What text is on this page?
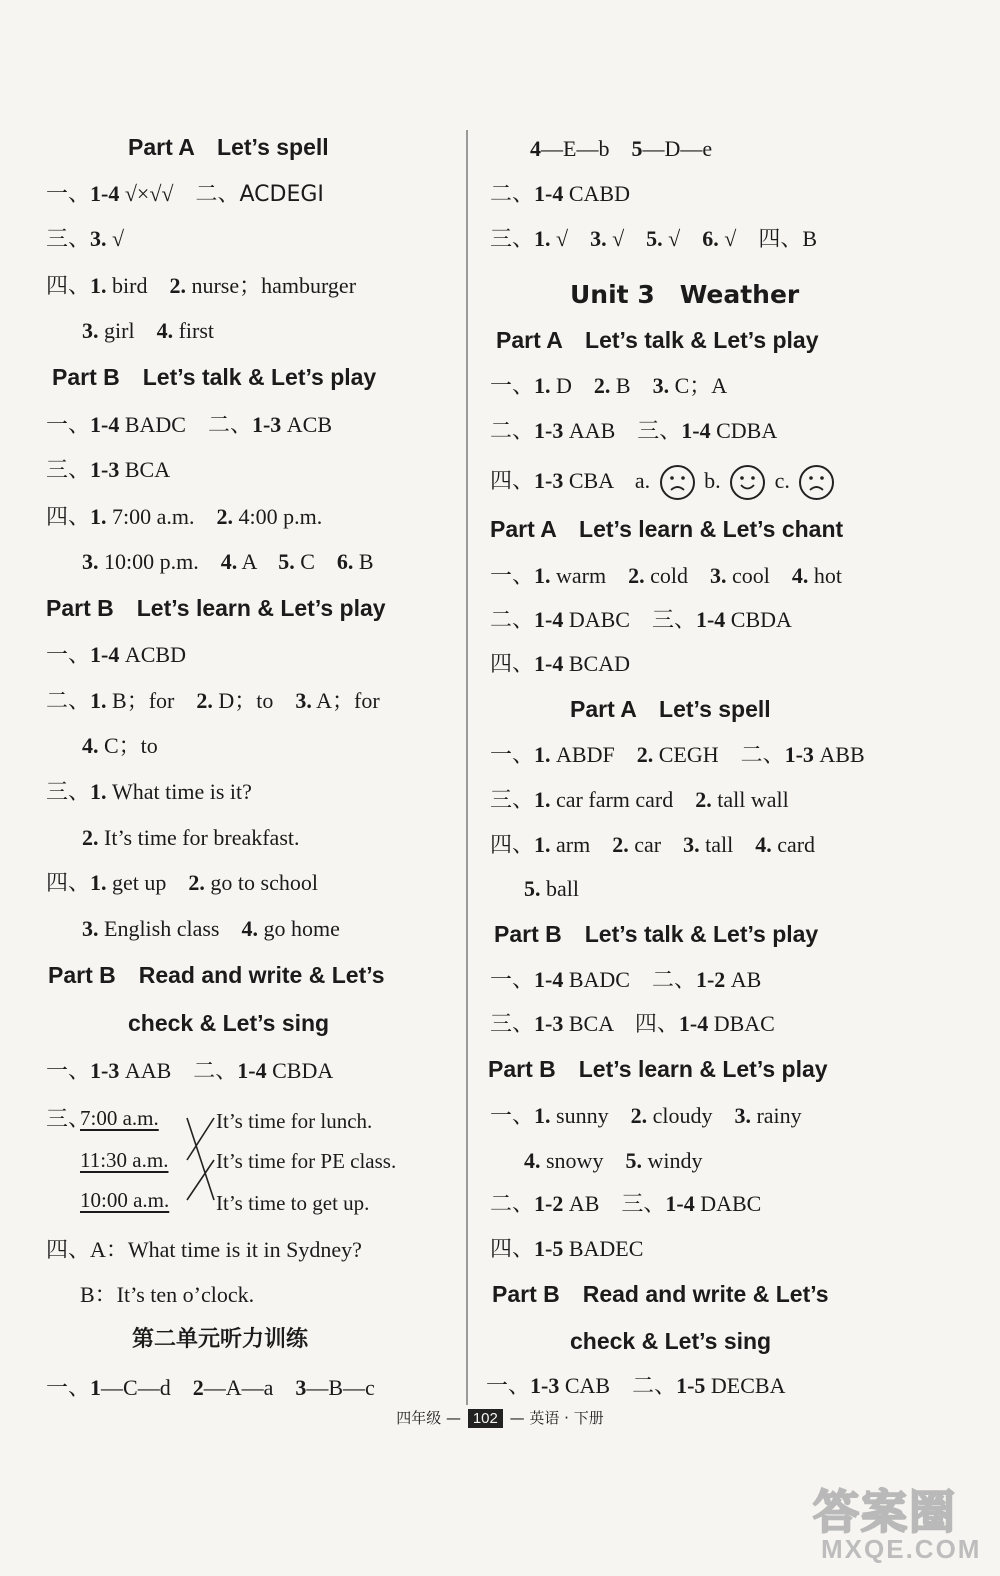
Part A　Let’s spell
一、1-4 √×√√　二、ACDEGI
三、3. √
四、1. bird　2. nurse；hamburger
3. girl　4. first
Part B　Let’s talk & Let’s play
一、1-4 BADC　二、1-3 ACB
三、1-3 BCA
四、1. 7:00 a.m.　2. 4:00 p.m.
3. 10:00 p.m.　4. A　5. C　6. B
Part B　Let’s learn & Let’s play
一、1-4 ACBD
二、1. B；for　2. D；to　3. A；for
4. C；to
三、1. What time is it?
2. It’s time for breakfast.
四、1. get up　2. go to school
3. English class　4. go home
Part B　Read and write & Let’s
check & Let’s sing
一、1-3 AAB　二、1-4 CBDA
三、
7:00 a.m.
11:30 a.m.
10:00 a.m.
It’s time for lunch.
It’s time for PE class.
It’s time to get up.
四、A：What time is it in Sydney?
B：It’s ten o’clock.
第二单元听力训练
一、1—C—d　2—A—a　3—B—c
4—E—b　5—D—e
二、1-4 CABD
三、1. √　3. √　5. √　6. √　四、B
Unit 3　Weather
Part A　Let’s talk & Let’s play
一、1. D　2. B　3. C；A
二、1-3 AAB　三、1-4 CDBA
四、1-3 CBA　a.
b.
c.
Part A　Let’s learn & Let’s chant
一、1. warm　2. cold　3. cool　4. hot
二、1-4 DABC　三、1-4 CBDA
四、1-4 BCAD
Part A　Let’s spell
一、1. ABDF　2. CEGH　二、1-3 ABB
三、1. car farm card　2. tall wall
四、1. arm　2. car　3. tall　4. card
5. ball
Part B　Let’s talk & Let’s play
一、1-4 BADC　二、1-2 AB
三、1-3 BCA　四、1-4 DBAC
Part B　Let’s learn & Let’s play
一、1. sunny　2. cloudy　3. rainy
4. snowy　5. windy
二、1-2 AB　三、1-4 DABC
四、1-5 BADEC
Part B　Read and write & Let’s
check & Let’s sing
一、1-3 CAB　二、1-5 DECBA
四年级 — 102 — 英语 · 下册
答案圈
MXQE.COM
